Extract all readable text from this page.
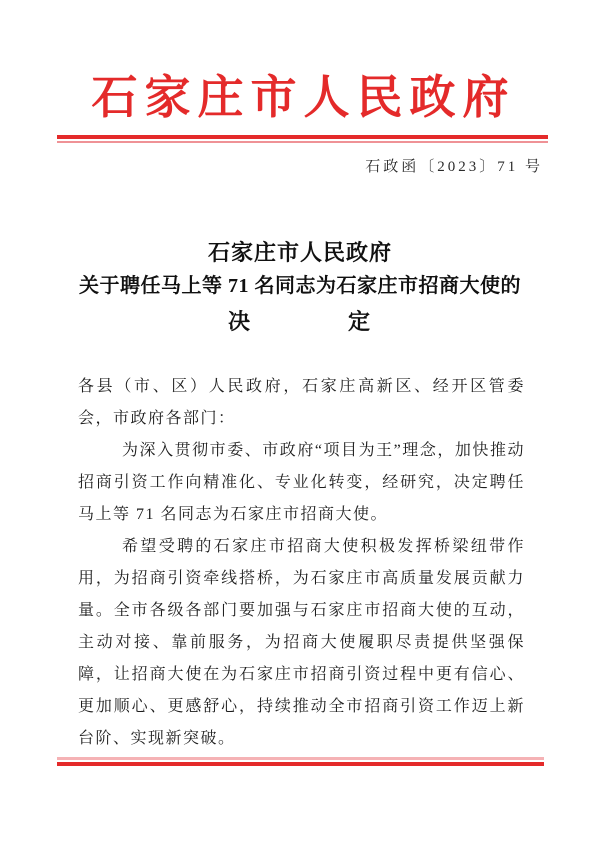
石家庄市人民政府
石政函〔2023〕71 号
石家庄市人民政府
关于聘任马上等 71 名同志为石家庄市招商大使的
决　　　　定

各县（市、区）人民政府，石家庄高新区、经开区管委会，市政府各部门：

为深入贯彻市委、市政府“项目为王”理念，加快推动招商引资工作向精准化、专业化转变，经研究，决定聘任马上等 71 名同志为石家庄市招商大使。

希望受聘的石家庄市招商大使积极发挥桥梁纽带作用，为招商引资牵线搭桥，为石家庄市高质量发展贡献力量。全市各级各部门要加强与石家庄市招商大使的互动，主动对接、靠前服务，为招商大使履职尽责提供坚强保障，让招商大使在为石家庄市招商引资过程中更有信心、更加顺心、更感舒心，持续推动全市招商引资工作迈上新台阶、实现新突破。
